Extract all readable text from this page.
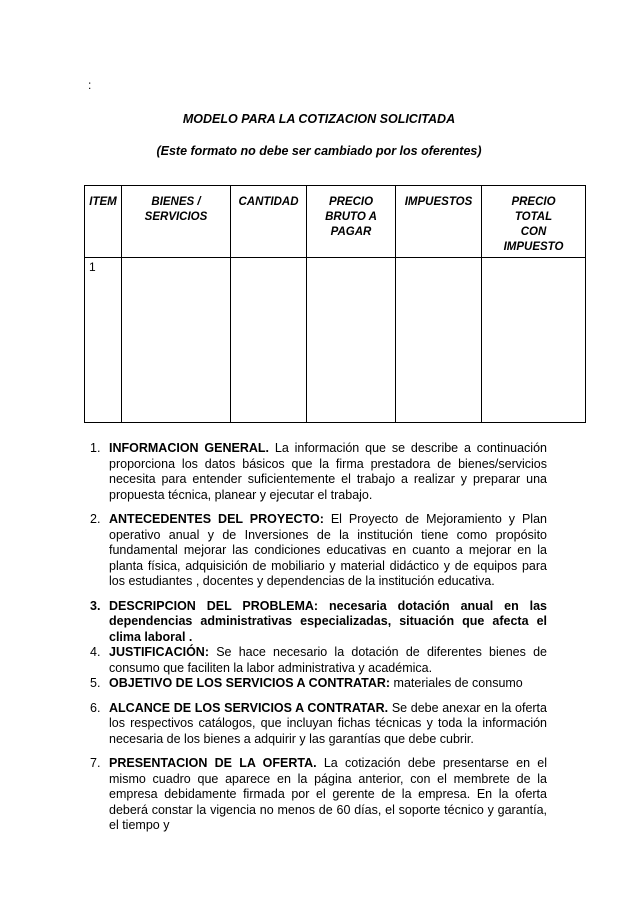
:
MODELO PARA LA COTIZACION SOLICITADA
(Este formato no debe ser cambiado por los oferentes)
ITEM	BIENES / SERVICIOS	CANTIDAD	PRECIO BRUTO A PAGAR	IMPUESTOS	PRECIO TOTAL CON IMPUESTO

1					
1. INFORMACION GENERAL. La información que se describe a continuación proporciona los datos básicos que la firma prestadora de bienes/servicios necesita para entender suficientemente el trabajo a realizar y preparar una propuesta técnica, planear y ejecutar el trabajo.
2. ANTECEDENTES DEL PROYECTO: El Proyecto de Mejoramiento y Plan operativo anual y de Inversiones de la institución tiene como propósito fundamental mejorar las condiciones educativas en cuanto a mejorar en la planta física, adquisición de mobiliario y material didáctico y de equipos para los estudiantes , docentes y dependencias de la institución educativa.
3. DESCRIPCION DEL PROBLEMA: necesaria dotación anual en las dependencias administrativas especializadas, situación que afecta el clima laboral .
4. JUSTIFICACIÓN: Se hace necesario la dotación de diferentes bienes de consumo que faciliten la labor administrativa y académica.
5. OBJETIVO DE LOS SERVICIOS A CONTRATAR: materiales de consumo
6. ALCANCE DE LOS SERVICIOS A CONTRATAR. Se debe anexar en la oferta los respectivos catálogos, que incluyan fichas técnicas y toda la información necesaria de los bienes a adquirir y las garantías que debe cubrir.
7. PRESENTACION DE LA OFERTA. La cotización debe presentarse en el mismo cuadro que aparece en la página anterior, con el membrete de la empresa debidamente firmada por el gerente de la empresa. En la oferta deberá constar la vigencia no menos de 60 días, el soporte técnico y garantía, el tiempo y
